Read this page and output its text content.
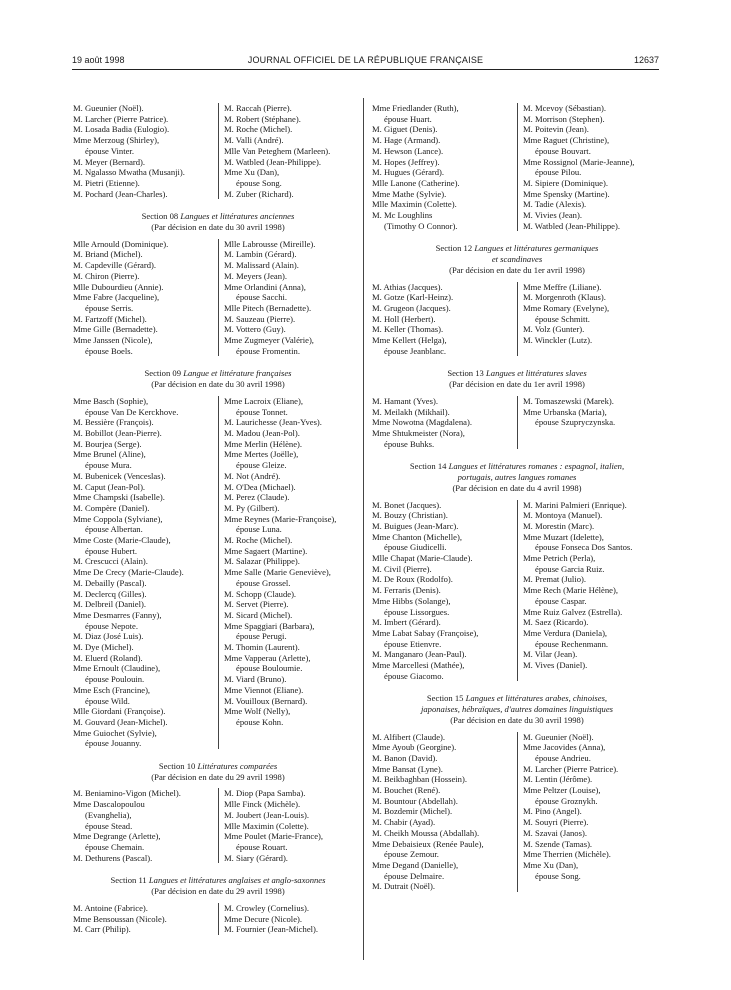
19 août 1998	JOURNAL OFFICIEL DE LA RÉPUBLIQUE FRANÇAISE	12637
M. Gueunier (Noël).
M. Larcher (Pierre Patrice).
M. Losada Badia (Eulogio).
Mme Merzoug (Shirley),
épouse Vinter.
M. Meyer (Bernard).
M. Ngalasso Mwatha (Musanji).
M. Pietri (Etienne).
M. Pochard (Jean-Charles).
M. Raccah (Pierre).
M. Robert (Stéphane).
M. Roche (Michel).
M. Valli (André).
Mlle Van Peteghem (Marleen).
M. Watbled (Jean-Philippe).
Mme Xu (Dan),
épouse Song.
M. Zuber (Richard).
Section 08 Langues et littératures anciennes
(Par décision en date du 30 avril 1998)
Mlle Arnould (Dominique).
M. Briand (Michel).
M. Capdeville (Gérard).
M. Chiron (Pierre).
Mlle Dubourdieu (Annie).
Mme Fabre (Jacqueline),
épouse Serris.
M. Fartzoff (Michel).
Mme Gille (Bernadette).
Mme Janssen (Nicole),
épouse Boels.
Mlle Labrousse (Mireille).
M. Lambin (Gérard).
M. Malissard (Alain).
M. Meyers (Jean).
Mme Orlandini (Anna),
épouse Sacchi.
Mlle Pitech (Bernadette).
M. Sauzeau (Pierre).
M. Vottero (Guy).
Mme Zugmeyer (Valérie),
épouse Fromentin.
Section 09 Langue et littérature françaises
(Par décision en date du 30 avril 1998)
Mme Basch (Sophie),
épouse Van De Kerckhove.
M. Bessière (François).
M. Bobillot (Jean-Pierre).
M. Bourjea (Serge).
Mme Brunel (Aline),
épouse Mura.
M. Bubenicek (Venceslas).
M. Caput (Jean-Pol).
Mme Champski (Isabelle).
M. Compère (Daniel).
Mme Coppola (Sylviane),
épouse Albertan.
Mme Coste (Marie-Claude),
épouse Hubert.
M. Crescucci (Alain).
Mme De Crecy (Marie-Claude).
M. Debailly (Pascal).
M. Declercq (Gilles).
M. Delbreil (Daniel).
Mme Desmarres (Fanny),
épouse Nepote.
M. Diaz (José Luis).
M. Dye (Michel).
M. Eluerd (Roland).
Mme Ernoult (Claudine),
épouse Poulouin.
Mme Esch (Francine),
épouse Wild.
Mlle Giordani (Françoise).
M. Gouvard (Jean-Michel).
Mme Guiochet (Sylvie),
épouse Jouanny.
Mme Lacroix (Eliane),
épouse Tonnet.
M. Laurichesse (Jean-Yves).
M. Madou (Jean-Pol).
Mme Merlin (Hélène).
Mme Mertes (Joëlle),
épouse Gleize.
M. Not (André).
M. O'Dea (Michael).
M. Perez (Claude).
M. Py (Gilbert).
Mme Reynes (Marie-Françoise),
épouse Luna.
M. Roche (Michel).
Mme Sagaert (Martine).
M. Salazar (Philippe).
Mme Salle (Marie Geneviève),
épouse Grossel.
M. Schopp (Claude).
M. Servet (Pierre).
M. Sicard (Michel).
Mme Spaggiari (Barbara),
épouse Perugi.
M. Thomin (Laurent).
Mme Vapperau (Arlette),
épouse Bouloumie.
M. Viard (Bruno).
Mme Viennot (Eliane).
M. Vouilloux (Bernard).
Mme Wolf (Nelly),
épouse Kohn.
Section 10 Littératures comparées
(Par décision en date du 29 avril 1998)
M. Beniamino-Vigon (Michel).
Mme Dascalopoulou
(Evanghelia),
épouse Stead.
Mme Degrange (Arlette),
épouse Chemain.
M. Dethurens (Pascal).
M. Diop (Papa Samba).
Mlle Finck (Michèle).
M. Joubert (Jean-Louis).
Mlle Maximin (Colette).
Mme Poulet (Marie-France),
épouse Rouart.
M. Siary (Gérard).
Section 11 Langues et littératures anglaises et anglo-saxonnes
(Par décision en date du 29 avril 1998)
M. Antoine (Fabrice).
Mme Bensoussan (Nicole).
M. Carr (Philip).
M. Crowley (Cornelius).
Mme Decure (Nicole).
M. Fournier (Jean-Michel).
Mme Friedlander (Ruth),
épouse Huart.
M. Giguet (Denis).
M. Hage (Armand).
M. Hewson (Lance).
M. Hopes (Jeffrey).
M. Hugues (Gérard).
Mlle Lanone (Catherine).
Mme Mathe (Sylvie).
Mlle Maximin (Colette).
M. Mc Loughlins
(Timothy O Connor).
M. Mcevoy (Sébastian).
M. Morrison (Stephen).
M. Poitevin (Jean).
Mme Raguet (Christine),
épouse Bouvart.
Mme Rossignol (Marie-Jeanne),
épouse Pilou.
M. Sipiere (Dominique).
Mme Spensky (Martine).
M. Tadie (Alexis).
M. Vivies (Jean).
M. Watbled (Jean-Philippe).
Section 12 Langues et littératures germaniques
et scandinaves
(Par décision en date du 1er avril 1998)
M. Athias (Jacques).
M. Gotze (Karl-Heinz).
M. Grugeon (Jacques).
M. Holl (Herbert).
M. Keller (Thomas).
Mme Kellert (Helga),
épouse Jeanblanc.
Mme Meffre (Liliane).
M. Morgenroth (Klaus).
Mme Romary (Evelyne),
épouse Schmitt.
M. Volz (Gunter).
M. Winckler (Lutz).
Section 13 Langues et littératures slaves
(Par décision en date du 1er avril 1998)
M. Hamant (Yves).
M. Meilakh (Mikhail).
Mme Nowotna (Magdalena).
Mme Shtukmeister (Nora),
épouse Buhks.
M. Tomaszewski (Marek).
Mme Urbanska (Maria),
épouse Szupryczynska.
Section 14 Langues et littératures romanes : espagnol, italien,
portugais, autres langues romanes
(Par décision en date du 4 avril 1998)
M. Bonet (Jacques).
M. Bouzy (Christian).
M. Buigues (Jean-Marc).
Mme Chanton (Michelle),
épouse Giudicelli.
Mlle Chapat (Marie-Claude).
M. Civil (Pierre).
M. De Roux (Rodolfo).
M. Ferraris (Denis).
Mme Hibbs (Solange),
épouse Lissorgues.
M. Imbert (Gérard).
Mme Labat Sabay (Françoise),
épouse Etienvre.
M. Manganaro (Jean-Paul).
Mme Marcellesi (Mathée),
épouse Giacomo.
M. Marini Palmieri (Enrique).
M. Montoya (Manuel).
M. Morestin (Marc).
Mme Muzart (Idelette),
épouse Fonseca Dos Santos.
Mme Petrich (Perla),
épouse Garcia Ruiz.
M. Premat (Julio).
Mme Rech (Marie Hélène),
épouse Caspar.
Mme Ruiz Galvez (Estrella).
M. Saez (Ricardo).
Mme Verdura (Daniela),
épouse Rechenmann.
M. Vilar (Jean).
M. Vives (Daniel).
Section 15 Langues et littératures arabes, chinoises,
japonaises, hébraïques, d'autres domaines linguistiques
(Par décision en date du 30 avril 1998)
M. Alfibert (Claude).
Mme Ayoub (Georgine).
M. Banon (David).
Mme Bansat (Lyne).
M. Beikbaghban (Hossein).
M. Bouchet (René).
M. Bountour (Abdellah).
M. Bozdemir (Michel).
M. Chabir (Ayad).
M. Cheikh Moussa (Abdallah).
Mme Debaisieux (Renée Paule),
épouse Zemour.
Mme Degand (Danielle),
épouse Delmaire.
M. Dutrait (Noël).
M. Gueunier (Noël).
Mme Jacovides (Anna),
épouse Andrieu.
M. Larcher (Pierre Patrice).
M. Lentin (Jérôme).
Mme Peltzer (Louise),
épouse Groznykh.
M. Pino (Angel).
M. Souyri (Pierre).
M. Szavai (Janos).
M. Szende (Tamas).
Mme Therrien (Michèle).
Mme Xu (Dan),
épouse Song.
